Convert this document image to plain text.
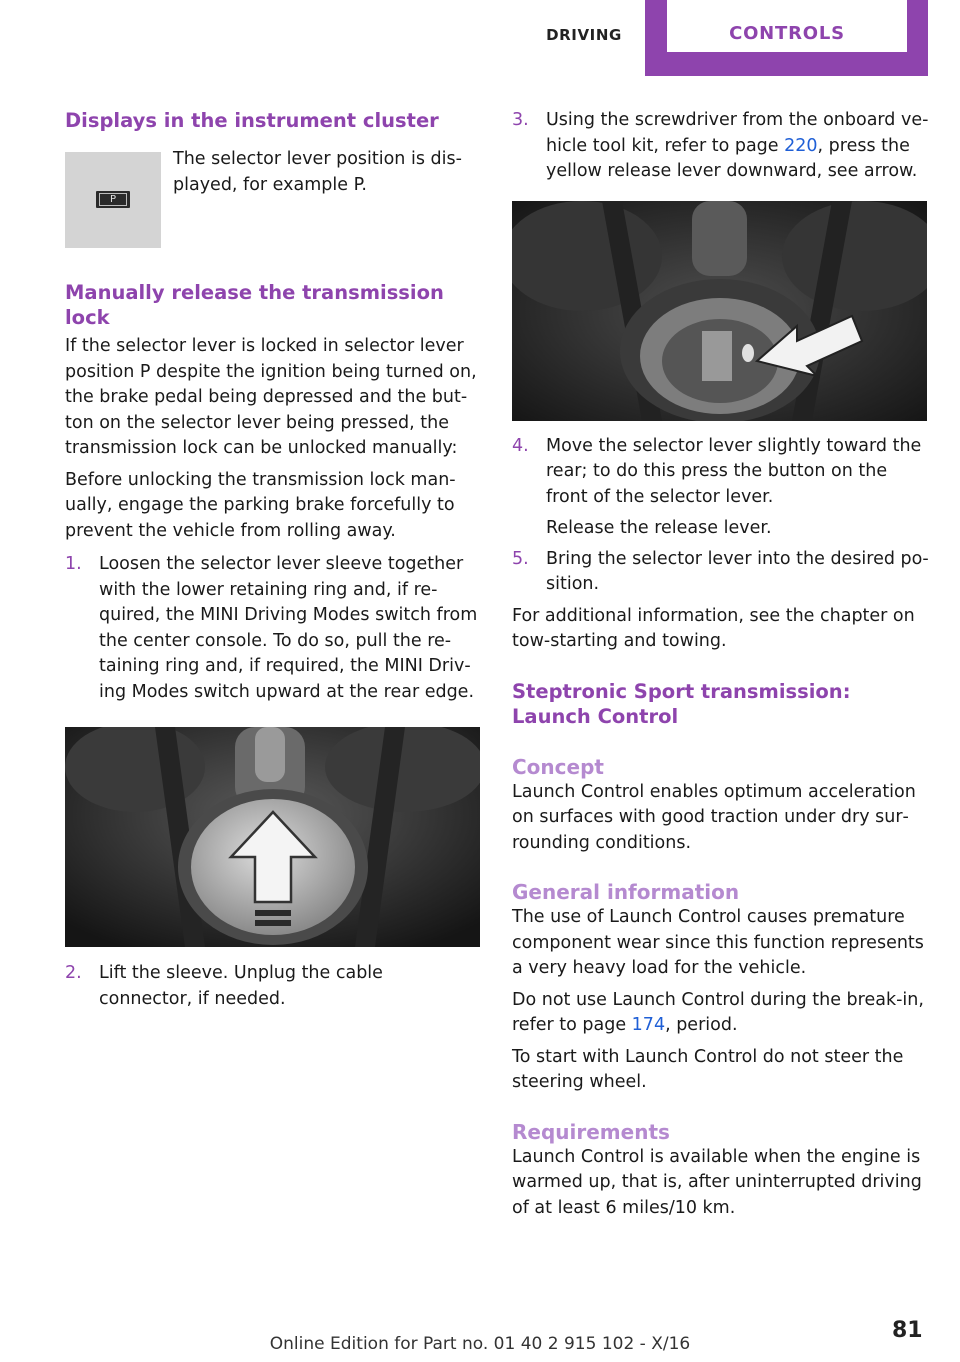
DRIVING	CONTROLS
Displays in the instrument cluster
P

The selector lever position is dis‐played, for example P.

Manually release the transmission lock

If the selector lever is locked in selector lever position P despite the ignition being turned on, the brake pedal being depressed and the but‐ton on the selector lever being pressed, the transmission lock can be unlocked manually:

Before unlocking the transmission lock man‐ually, engage the parking brake forcefully to prevent the vehicle from rolling away.

1. Loosen the selector lever sleeve together with the lower retaining ring and, if re‐quired, the MINI Driving Modes switch from the center console. To do so, pull the re‐taining ring and, if required, the MINI Driv‐ing Modes switch upward at the rear edge.

2. Lift the sleeve. Unplug the cable connector, if needed.

3. Using the screwdriver from the onboard ve‐hicle tool kit, refer to page 220, press the yellow release lever downward, see arrow.

4. Move the selector lever slightly toward the rear; to do this press the button on the front of the selector lever.

Release the release lever.

5. Bring the selector lever into the desired po‐sition.

For additional information, see the chapter on tow-starting and towing.

Steptronic Sport transmission: Launch Control
Concept

Launch Control enables optimum acceleration on surfaces with good traction under dry sur‐rounding conditions.

General information

The use of Launch Control causes premature component wear since this function represents a very heavy load for the vehicle.

Do not use Launch Control during the break-in, refer to page 174, period.

To start with Launch Control do not steer the steering wheel.

Requirements

Launch Control is available when the engine is warmed up, that is, after uninterrupted driving of at least 6 miles/10 km.

81
Online Edition for Part no. 01 40 2 915 102 - X/16
